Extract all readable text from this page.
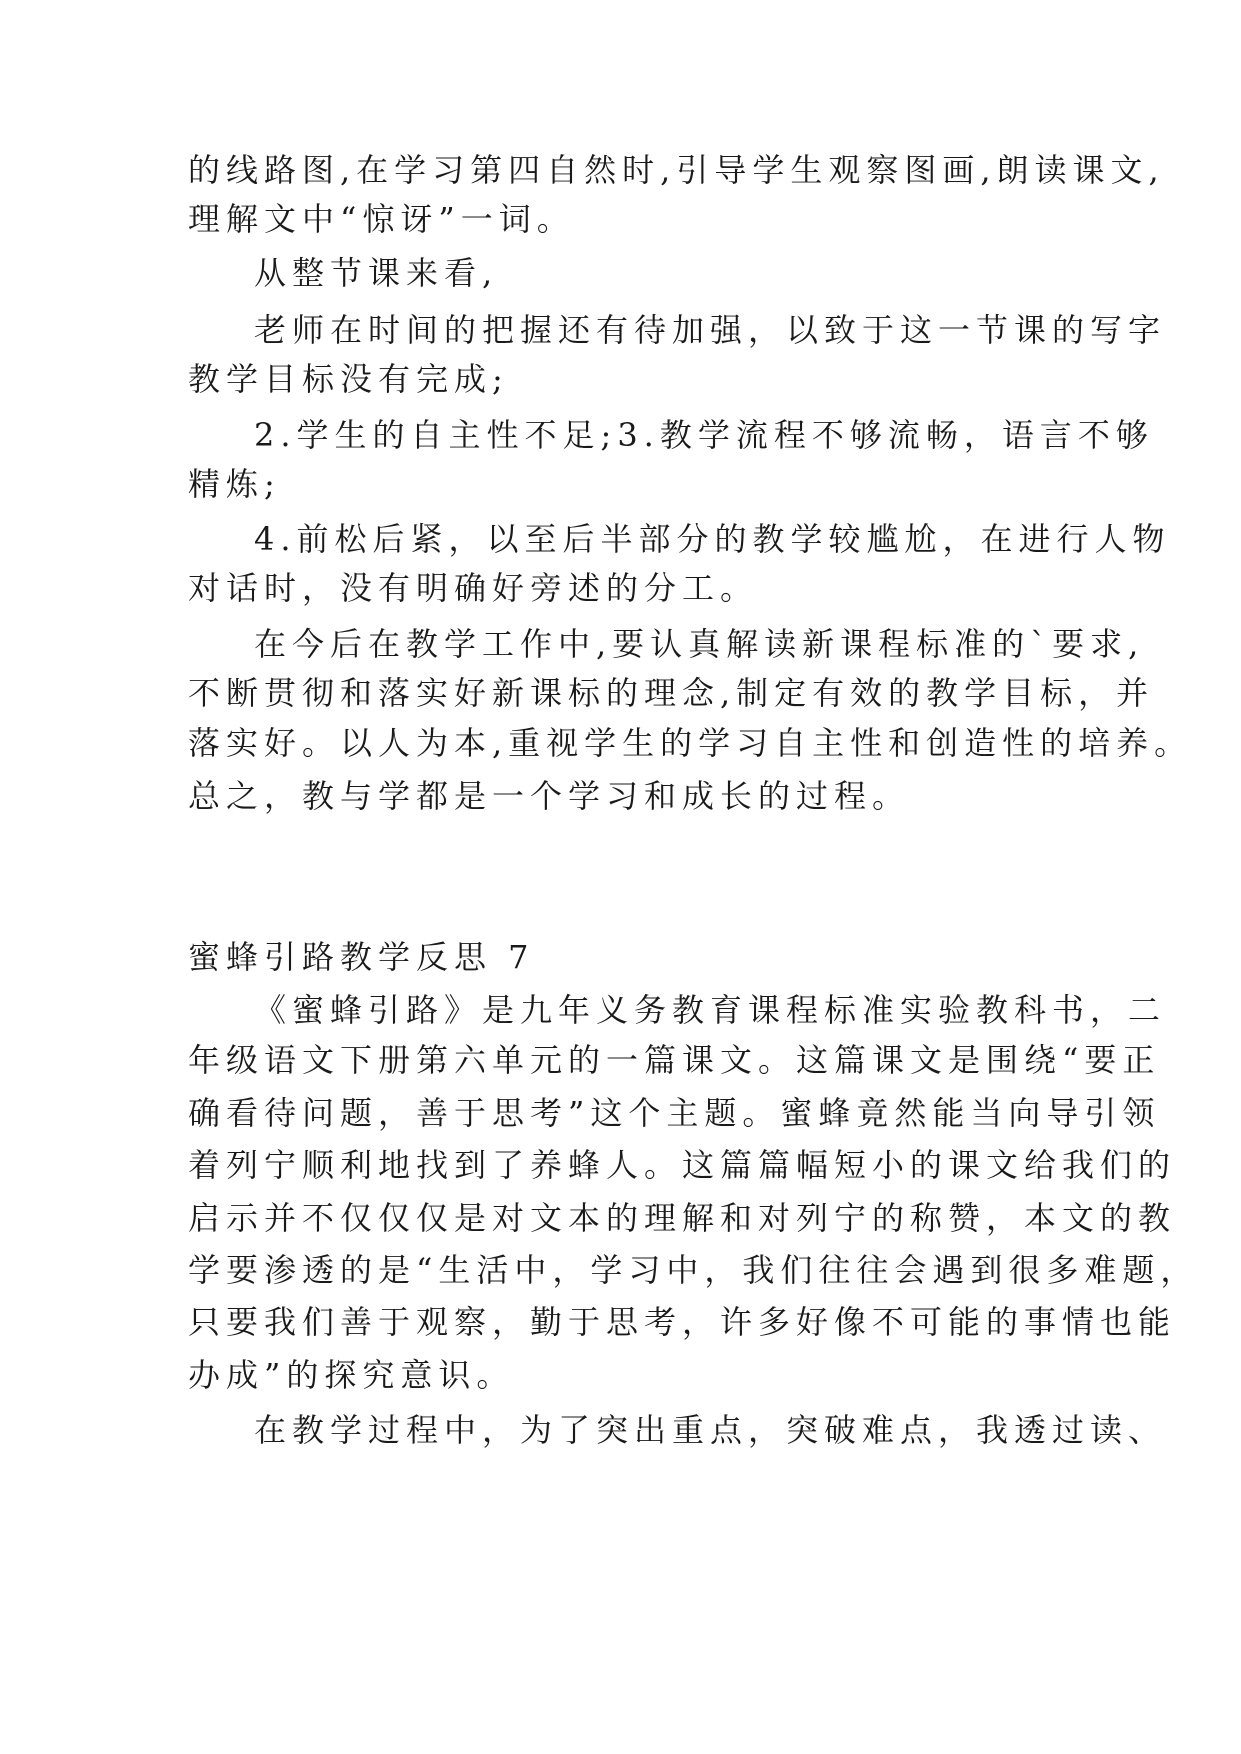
的线路图,在学习第四自然时,引导学生观察图画,朗读课文,
理解文中“惊讶”一词。
从整节课来看,
老师在时间的把握还有待加强，以致于这一节课的写字
教学目标没有完成;
2.学生的自主性不足;3.教学流程不够流畅，语言不够
精炼;
4.前松后紧，以至后半部分的教学较尴尬，在进行人物
对话时，没有明确好旁述的分工。
在今后在教学工作中,要认真解读新课程标准的`要求,
不断贯彻和落实好新课标的理念,制定有效的教学目标，并
落实好。以人为本,重视学生的学习自主性和创造性的培养。
总之，教与学都是一个学习和成长的过程。
蜜蜂引路教学反思 7
《蜜蜂引路》是九年义务教育课程标准实验教科书，二
年级语文下册第六单元的一篇课文。这篇课文是围绕“要正
确看待问题，善于思考”这个主题。蜜蜂竟然能当向导引领
着列宁顺利地找到了养蜂人。这篇篇幅短小的课文给我们的
启示并不仅仅仅是对文本的理解和对列宁的称赞，本文的教
学要渗透的是“生活中，学习中，我们往往会遇到很多难题，
只要我们善于观察，勤于思考，许多好像不可能的事情也能
办成”的探究意识。
在教学过程中，为了突出重点，突破难点，我透过读、
